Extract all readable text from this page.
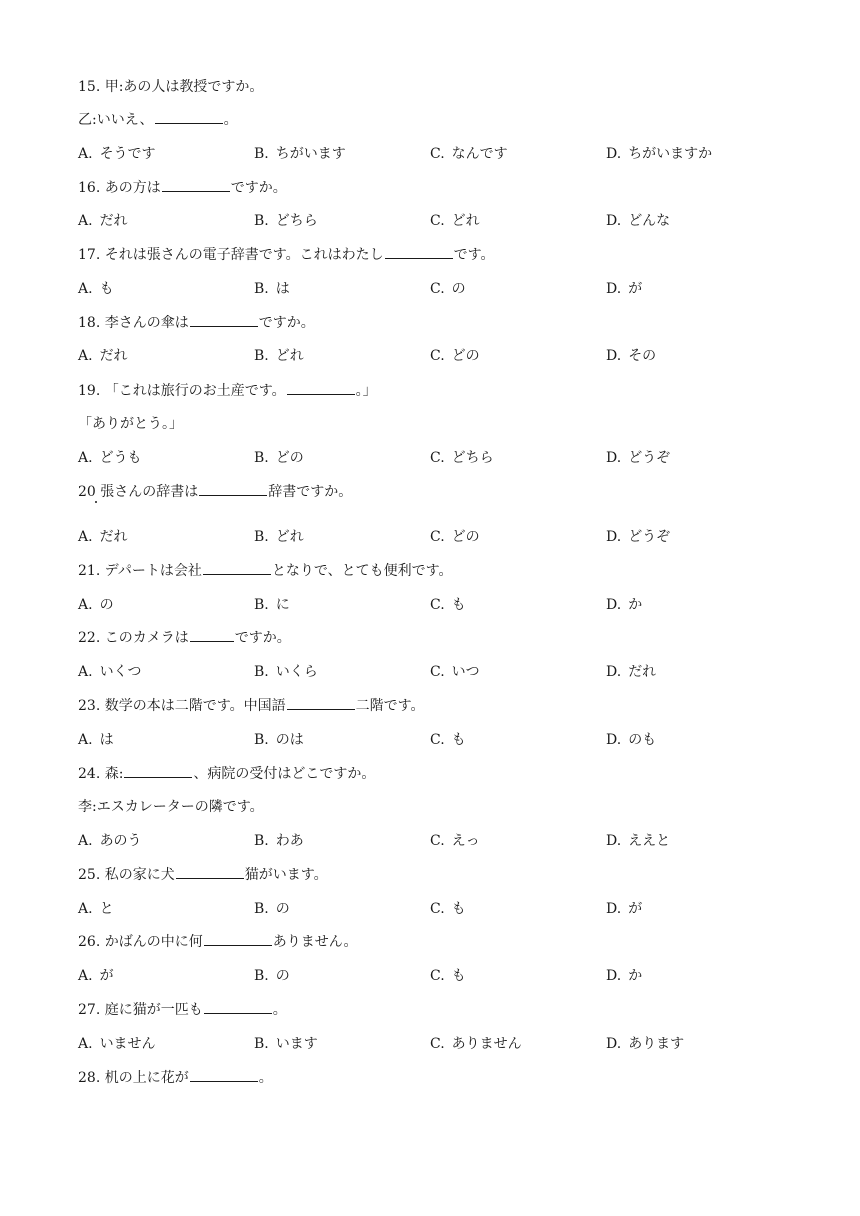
15. 甲:あの人は教授ですか。
乙:いいえ、	。
A. そうです	B. ちがいます	C. なんです	D. ちがいますか
16. あの方は	ですか。
A. だれ	B. どちら	C. どれ	D. どんな
17. それは張さんの電子辞書です。これはわたし	です。
A. も	B. は	C. の	D. が
18. 李さんの傘は	ですか。
A. だれ	B. どれ	C. どの	D. その
19. 「これは旅行のお土産です。	。」
「ありがとう。」
A. どうも	B. どの	C. どちら	D. どうぞ
20 張さんの辞書は	辞書ですか。
A. だれ	B. どれ	C. どの	D. どうぞ
21. デパートは会社	となりで、とても便利です。
A. の	B. に	C. も	D. か
22. このカメラは	ですか。
A. いくつ	B. いくら	C. いつ	D. だれ
23. 数学の本は二階です。中国語	二階です。
A. は	B. のは	C. も	D. のも
24. 森:	、病院の受付はどこですか。
李:エスカレーターの隣です。
A. あのう	B. わあ	C. えっ	D. ええと
25. 私の家に犬	猫がいます。
A. と	B. の	C. も	D. が
26. かばんの中に何	ありません。
A. が	B. の	C. も	D. か
27. 庭に猫が一匹も	。
A. いません	B. います	C. ありません	D. あります
28. 机の上に花が	。
